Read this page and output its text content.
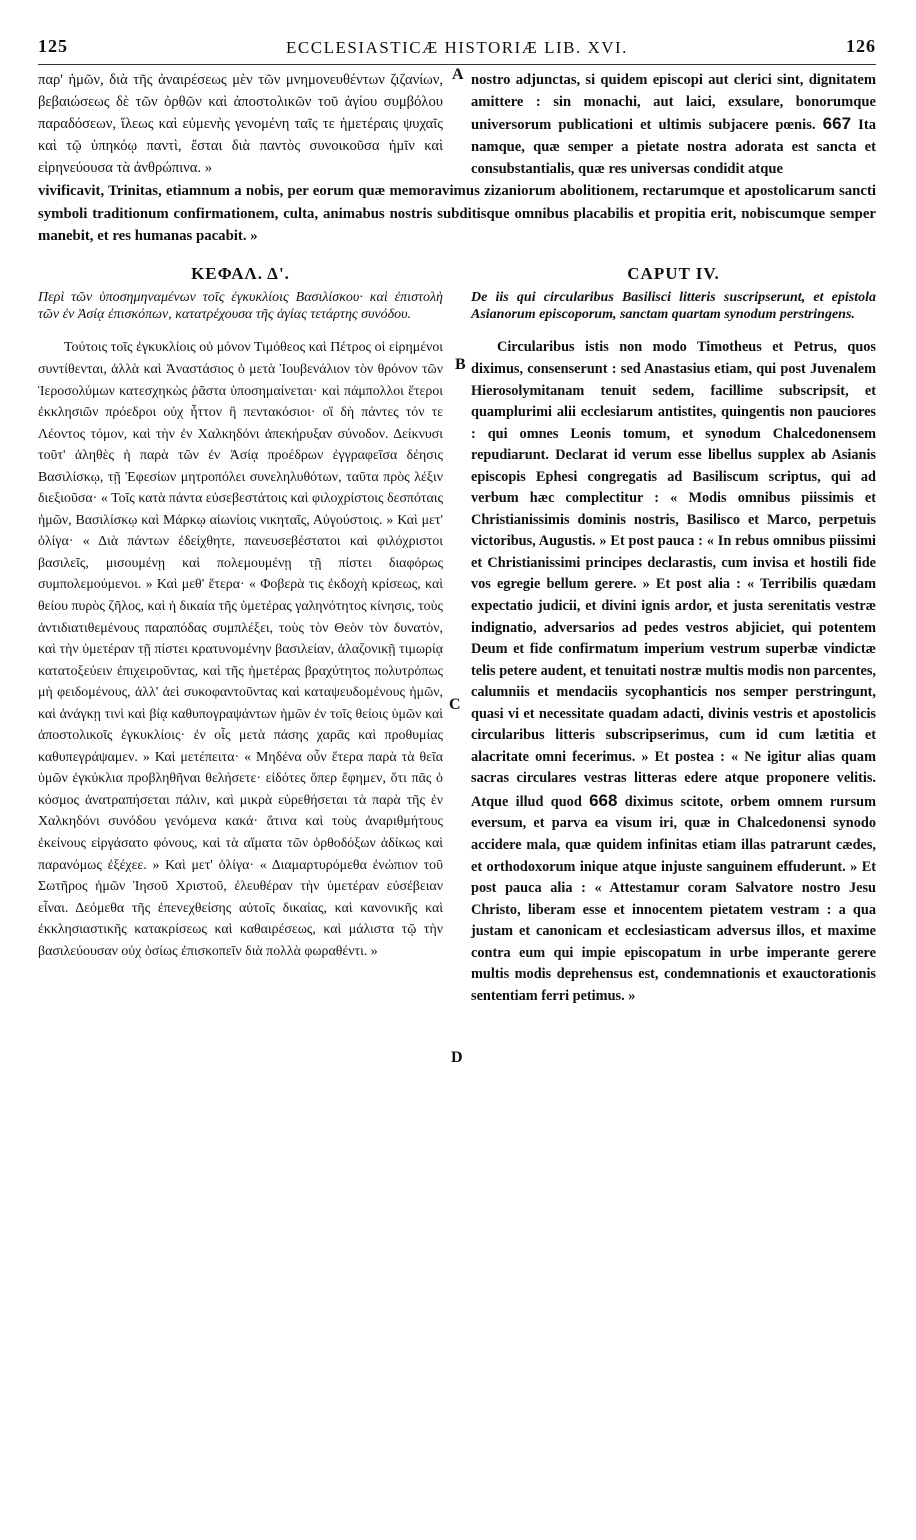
125	ECCLESIASTICÆ HISTORIÆ LIB. XVI.	126

παρ' ἡμῶν, διὰ τῆς ἀναιρέσεως μὲν τῶν μνημονευθέντων ζιζανίων, βεβαιώσεως δὲ τῶν ὀρθῶν καὶ ἀποστολικῶν τοῦ ἁγίου συμβόλου παραδόσεων, ἵλεως καὶ εὐμενὴς γενομένη ταῖς τε ἡμετέραις ψυχαῖς καὶ τῷ ὑπηκόῳ παντὶ, ἔσται διὰ παντὸς συνοικοῦσα ἡμῖν καὶ εἰρηνεύουσα τὰ ἀνθρώπινα. »

nostro adjunctas, si quidem episcopi aut clerici sint, dignitatem amittere : sin monachi, aut laici, exsulare, bonorumque universorum publicationi et ultimis subjacere pœnis. 667 Ita namque, quæ semper a pietate nostra adorata est sancta et consubstantialis, quæ res universas condidit atque

vivificavit, Trinitas, etiamnum a nobis, per eorum quæ memoravimus zizaniorum abolitionem, rectarumque et apostolicarum sancti symboli traditionum confirmationem, culta, animabus nostris subditisque omnibus placabilis et propitia erit, nobiscumque semper manebit, et res humanas pacabit. »

ΚΕΦΑΛ. Δ'.
Περὶ τῶν ὑποσημηναμένων τοῖς ἐγκυκλίοις Βασιλίσκου· καὶ ἐπιστολὴ τῶν ἐν Ἀσίᾳ ἐπισκόπων, κατατρέχουσα τῆς ἁγίας τετάρτης συνόδου.

Τούτοις τοῖς ἐγκυκλίοις οὐ μόνον Τιμόθεος καὶ Πέτρος οἱ εἰρημένοι συντίθενται, ἀλλὰ καὶ Ἀναστάσιος ὁ μετὰ Ἰουβενάλιον τὸν θρόνον τῶν Ἱεροσολύμων κατεσχηκὼς ῥᾶστα ὑποσημαίνεται· καὶ πάμπολλοι ἕτεροι ἐκκλησιῶν πρόεδροι οὐχ ἧττον ἢ πεντακόσιοι· οἳ δὴ πάντες τόν τε Λέοντος τόμον, καὶ τὴν ἐν Χαλκηδόνι ἀπεκήρυξαν σύνοδον. Δείκνυσι τοῦτ' ἀληθὲς ἡ παρὰ τῶν ἐν Ἀσίᾳ προέδρων ἐγγραφεῖσα δέησις Βασιλίσκῳ, τῇ Ἐφεσίων μητροπόλει συνεληλυθότων, ταῦτα πρὸς λέξιν διεξιοῦσα· « Τοῖς κατὰ πάντα εὐσεβεστάτοις καὶ φιλοχρίστοις δεσπόταις ἡμῶν, Βασιλίσκῳ καὶ Μάρκῳ αἰωνίοις νικηταῖς, Αὐγούστοις. » Καὶ μετ' ὀλίγα· « Διὰ πάντων ἐδείχθητε, πανευσεβέστατοι καὶ φιλόχριστοι βασιλεῖς, μισουμένῃ καὶ πολεμουμένῃ τῇ πίστει διαφόρως συμπολεμούμενοι. » Καὶ μεθ' ἕτερα· « Φοβερὰ τις ἐκδοχὴ κρίσεως, καὶ θείου πυρὸς ζῆλος, καὶ ἡ δικαία τῆς ὑμετέρας γαληνότητος κίνησις, τοὺς ἀντιδιατιθεμένους παραπόδας συμπλέξει, τοὺς τὸν Θεὸν τὸν δυνατὸν, καὶ τὴν ὑμετέραν τῇ πίστει κρατυνομένην βασιλείαν, ἀλαζονικῇ τιμωρίᾳ κατατοξεύειν ἐπιχειροῦντας, καὶ τῆς ἡμετέρας βραχύτητος πολυτρόπως μὴ φειδομένους, ἀλλ' ἀεὶ συκοφαντοῦντας καὶ καταψευδομένους ἡμῶν, καὶ ἀνάγκῃ τινὶ καὶ βίᾳ καθυπογραψάντων ἡμῶν ἐν τοῖς θείοις ὑμῶν καὶ ἀποστολικοῖς ἐγκυκλίοις· ἐν οἷς μετὰ πάσης χαρᾶς καὶ προθυμίας καθυπεγράψαμεν. » Καὶ μετέπειτα· « Μηδένα οὖν ἕτερα παρὰ τὰ θεῖα ὑμῶν ἐγκύκλια προβληθῆναι θελήσετε· εἰδότες ὅπερ ἔφημεν, ὅτι πᾶς ὁ κόσμος ἀνατραπήσεται πάλιν, καὶ μικρὰ εὑρεθήσεται τὰ παρὰ τῆς ἐν Χαλκηδόνι συνόδου γενόμενα κακά· ἅτινα καὶ τοὺς ἀναριθμήτους ἐκείνους εἰργάσατο φόνους, καὶ τὰ αἵματα τῶν ὀρθοδόξων ἀδίκως καὶ παρανόμως ἐξέχεε. » Καὶ μετ' ὀλίγα· « Διαμαρτυρόμεθα ἐνώπιον τοῦ Σωτῆρος ἡμῶν Ἰησοῦ Χριστοῦ, ἐλευθέραν τὴν ὑμετέραν εὐσέβειαν εἶναι. Δεόμεθα τῆς ἐπενεχθείσης αὐτοῖς δικαίας, καὶ κανονικῆς καὶ ἐκκλησιαστικῆς κατακρίσεως καὶ καθαιρέσεως, καὶ μάλιστα τῷ τὴν βασιλεύουσαν οὐχ ὁσίως ἐπισκοπεῖν διὰ πολλὰ φωραθέντι. »

CAPUT IV.
De iis qui circularibus Basilisci litteris suscripserunt, et epistola Asianorum episcoporum, sanctam quartam synodum perstringens.

Circularibus istis non modo Timotheus et Petrus, quos diximus, consenserunt : sed Anastasius etiam, qui post Juvenalem Hierosolymitanam tenuit sedem, facillime subscripsit, et quamplurimi alii ecclesiarum antistites, quingentis non pauciores : qui omnes Leonis tomum, et synodum Chalcedonensem repudiarunt. Declarat id verum esse libellus supplex ab Asianis episcopis Ephesi congregatis ad Basiliscum scriptus, qui ad verbum hæc complectitur : « Modis omnibus piissimis et Christianissimis dominis nostris, Basilisco et Marco, perpetuis victoribus, Augustis. » Et post pauca : « In rebus omnibus piissimi et Christianissimi principes declarastis, cum invisa et hostili fide vos egregie bellum gerere. » Et post alia : « Terribilis quædam expectatio judicii, et divini ignis ardor, et justa serenitatis vestræ indignatio, adversarios ad pedes vestros abjiciet, qui potentem Deum et fide confirmatum imperium vestrum superbæ vindictæ telis petere audent, et tenuitati nostræ multis modis non parcentes, calumniis et mendaciis sycophanticis nos semper perstringunt, quasi vi et necessitate quadam adacti, divinis vestris et apostolicis circularibus litteris subscripserimus, cum id cum lætitia et alacritate omni fecerimus. » Et postea : « Ne igitur alias quam sacras circulares vestras litteras edere atque proponere velitis. Atque illud quod 668 diximus scitote, orbem omnem rursum eversum, et parva ea visum iri, quæ in Chalcedonensi synodo accidere mala, quæ quidem infinitas etiam illas patrarunt cædes, et orthodoxorum inique atque injuste sanguinem effuderunt. » Et post pauca alia : « Attestamur coram Salvatore nostro Jesu Christo, liberam esse et innocentem pietatem vestram : a qua justam et canonicam et ecclesiasticam adversus illos, et maxime contra eum qui impie episcopatum in urbe imperante gerere multis modis deprehensus est, condemnationis et exauctorationis sententiam ferri petimus. »

A
B
C
D
